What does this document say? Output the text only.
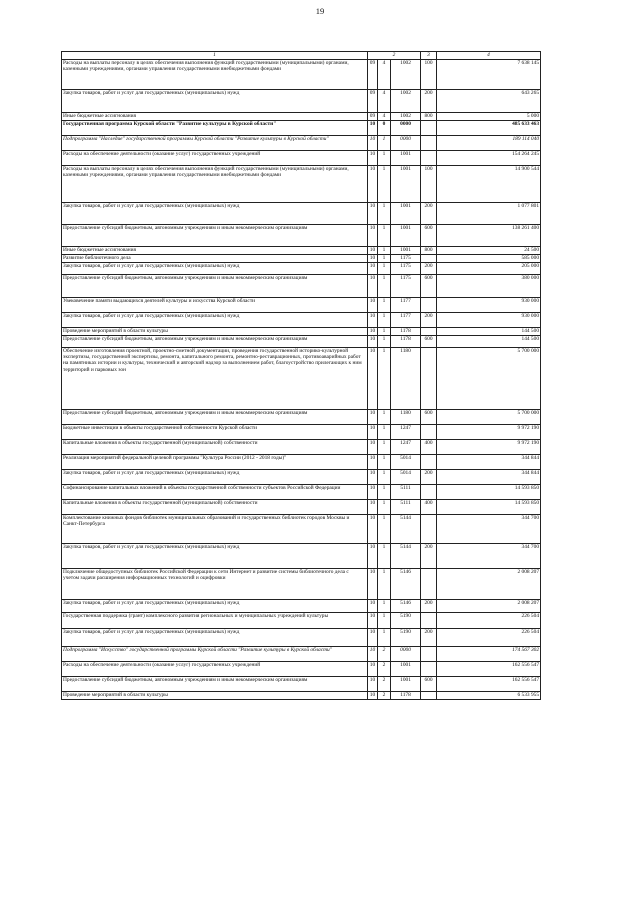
19
1	2			3	4
Расходы на выплаты персоналу в целях обеспечения выполнения функций государственными (муниципальными) органами, казенными учреждениями, органами управления государственными внебюджетными фондами	09	4	1002	100	7 638 145
Закупка товаров, работ и услуг для государственных (муниципальных) нужд	09	4	1002	200	643 265
Иные бюджетные ассигнования	09	4	1002	800	5 000
Государственная программа Курской области "Развитие культуры в Курской области"	10	0	0000		485 633 463
Подпрограмма "Наследие" государственной программы Курской области "Развитие культуры в Курской области"	10	1	0000		189 114 040
Расходы на обеспечение деятельности (оказание услуг) государственных учреждений	10	1	1001		154 264 245
Расходы на выплаты персоналу в целях обеспечения выполнения функций государственными (муниципальными) органами, казенными учреждениями, органами управления государственными внебюджетными фондами	10	1	1001	100	14 900 544
Закупка товаров, работ и услуг для государственных (муниципальных) нужд	10	1	1001	200	1 077 801
Предоставление субсидий бюджетным, автономным учреждениям и иным некоммерческим организациям	10	1	1001	600	138 261 400
Иные бюджетные ассигнования	10	1	1001	800	24 500
Развитие библиотечного дела	10	1	1175		585 000
Закупка товаров, работ и услуг для государственных (муниципальных) нужд	10	1	1175	200	205 000
Предоставление субсидий бюджетным, автономным учреждениям и иным некоммерческим организациям	10	1	1175	600	380 000
Увековечение памяти выдающихся деятелей культуры и искусства Курской области	10	1	1177		930 000
Закупка товаров, работ и услуг для государственных (муниципальных) нужд	10	1	1177	200	930 000
Проведение мероприятий в области культуры	10	1	1178		144 500
Предоставление субсидий бюджетным, автономным учреждениям и иным некоммерческим организациям	10	1	1178	600	144 500
Обеспечение изготовления проектной, проектно-сметной документации, проведения государственной историко-культурной экспертизы, государственной экспертизы, ремонта, капитального ремонта, ремонтно-реставрационных, противоаварийных работ на памятниках истории и культуры, технический и авторский надзор за выполнением работ, благоустройство прилегающих к ним территорий и парковых зон	10	1	1180		5 700 000
Предоставление субсидий бюджетным, автономным учреждениям и иным некоммерческим организациям	10	1	1180	600	5 700 000
Бюджетные инвестиции в объекты государственной собственности Курской области	10	1	1247		9 972 190
Капитальные вложения в объекты государственной (муниципальной) собственности	10	1	1247	400	9 972 190
Реализация мероприятий федеральной целевой программы "Культура России (2012 - 2018 годы)"	10	1	5014		344 844
Закупка товаров, работ и услуг для государственных (муниципальных) нужд	10	1	5014	200	344 844
Софинансирование капитальных вложений в объекты государственной собственности субъектов Российской Федерации	10	1	5111		14 593 850
Капитальные вложения в объекты государственной (муниципальной) собственности	10	1	5111	400	14 593 850
Комплектование книжных фондов библиотек муниципальных образований и государственных библиотек городов Москвы и Санкт-Петербурга	10	1	5144		344 700
Закупка товаров, работ и услуг для государственных (муниципальных) нужд	10	1	5144	200	344 700
Подключение общедоступных библиотек Российской Федерации к сети Интернет и развитие системы библиотечного дела с учетом задачи расширения информационных технологий и оцифровки	10	1	5146		2 008 207
Закупка товаров, работ и услуг для государственных (муниципальных) нужд	10	1	5146	200	2 008 207
Государственная поддержка (грант) комплексного развития региональных и муниципальных учреждений культуры	10	1	5190		226 504
Закупка товаров, работ и услуг для государственных (муниципальных) нужд	10	1	5190	200	226 504
Подпрограмма "Искусство" государственной программы Курской области "Развитие культуры в Курской области"	10	2	0000		174 567 302
Расходы на обеспечение деятельности (оказание услуг) государственных учреждений	10	2	1001		162 556 547
Предоставление субсидий бюджетным, автономным учреждениям и иным некоммерческим организациям	10	2	1001	600	162 556 547
Проведение мероприятий в области культуры	10	2	1178		6 533 955
